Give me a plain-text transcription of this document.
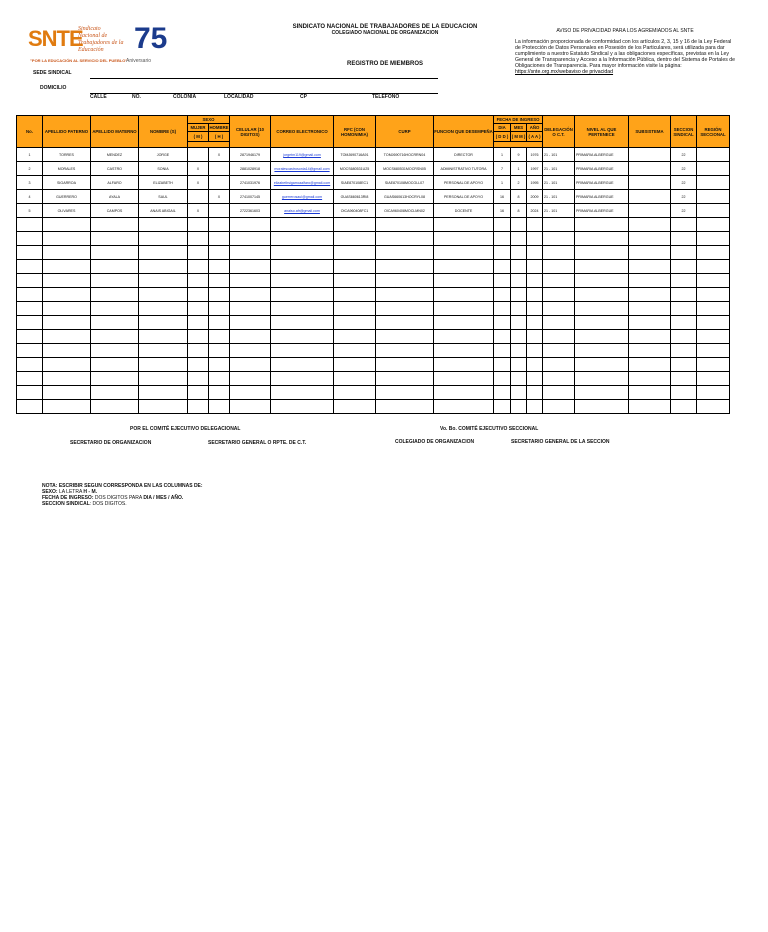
SNTE
Sindicato
Nacional de
Trabajadores de la
Educación	75
Aniversario
"POR LA EDUCACIÓN AL SERVICIO DEL PUEBLO"
SINDICATO NACIONAL DE TRABAJADORES DE LA EDUCACION
COLEGIADO NACIONAL DE ORGANIZACION
REGISTRO DE MIEMBROS
AVISO DE PRIVACIDAD PARA LOS AGREMIADOS AL SNTE
La información proporcionada de conformidad con los artículos 2, 3, 15 y 16 de la Ley Federal de Protección de Datos Personales en Posesión de los Particulares, será utilizada para dar cumplimiento a nuestro Estatuto Sindical y a las obligaciones específicas, previstas en la Ley General de Transparencia y Acceso a la Información Pública, dentro del Sistema de Portales de Obligaciones de Transparencia. Para mayor información visite la página: https://snte.org.mx/webaviso de privacidad
SEDE SINDICAL
DOMICILIO
CALLE	NO.	COLONIA	LOCALIDAD	CP	TELEFONO
No.	APELLIDO PATERNO	APELLIDO MATERNO	NOMBRE (S)	SEXO		CELULAR (10 DIGITOS)	CORREO ELECTRONICO	RFC (CON HOMONIMIA)	CURP	FUNCION QUE DESEMPEÑA	FECHA DE INGRESO			DELEGACIÓN O C.T.	NIVEL AL QUE PERTENECE	SUBSISTEMA	SECCION SINDICAL	REGIÓN SECCIONAL
				MUJER	HOMBRE						DIA	MES	AÑO					
				( M )	( H )						( D D )	( M M )	( A A )					

1	TORRES	MENDEZ	JORGE		X	2871946179	jorgetm119@gmail.com	TOMJ690716A91	TOMJ690716HOCRRN04	DIRECTOR	1	9	1976	21 - 101	PRIMARIA ALBERGUE		22	
2	MORALES	CASTRO	SONIA	X		2881028918	moralescastrosonia14@gmail.com	MOCS680531U25	MOCS680531MOCRSN05	ADMINISTRATIVO TUTORA	7	1	1997	21 - 101	PRIMARIA ALBERGUE		22	
3	SIGARROA	ALFARO	ELIZABETH	X		2741031976	elizabethsigarroaalfaro@gmail.com	SIAE870108EC1	SIAE870108MOCGLL07	PERSONAL DE APOYO	1	2	1995	21 - 101	PRIMARIA ALBERGUE		22	
4	GUERRERO	AYALA	SAUL		X	2741007145	guerrerosaul@gmail.com	GUAS660613RI8	GUAS660613HOCRYL08	PERSONAL DE APOYO	16	8	2009	21 - 101	PRIMARIA ALBERGUE		22	
5	OLIVARES	CAMPOS	ANAIS ABIGAIL	X		2722361603	anaiso.afr@gmail.com	OICA960408FC1	OICA960408MOCLMN02	DOCENTE	16	8	2024	21 - 101	PRIMARIA ALBERGUE		22	

POR EL COMITÉ EJECUTIVO DELEGACIONAL	Vo. Bo. COMITÉ EJECUTIVO SECCIONAL
SECRETARIO DE ORGANIZACION	SECRETARIO GENERAL O RPTE. DE C.T.	COLEGIADO DE ORGANIZACION	SECRETARIO GENERAL DE LA SECCION
NOTA: ESCRIBIR SEGUN CORRESPONDA EN LAS COLUMNAS DE:
SEXO: LA LETRA H - M.
FECHA DE INGRESO: DOS DIGITOS PARA DIA / MES / AÑO.
SECCION SINDICAL: DOS DIGITOS.
